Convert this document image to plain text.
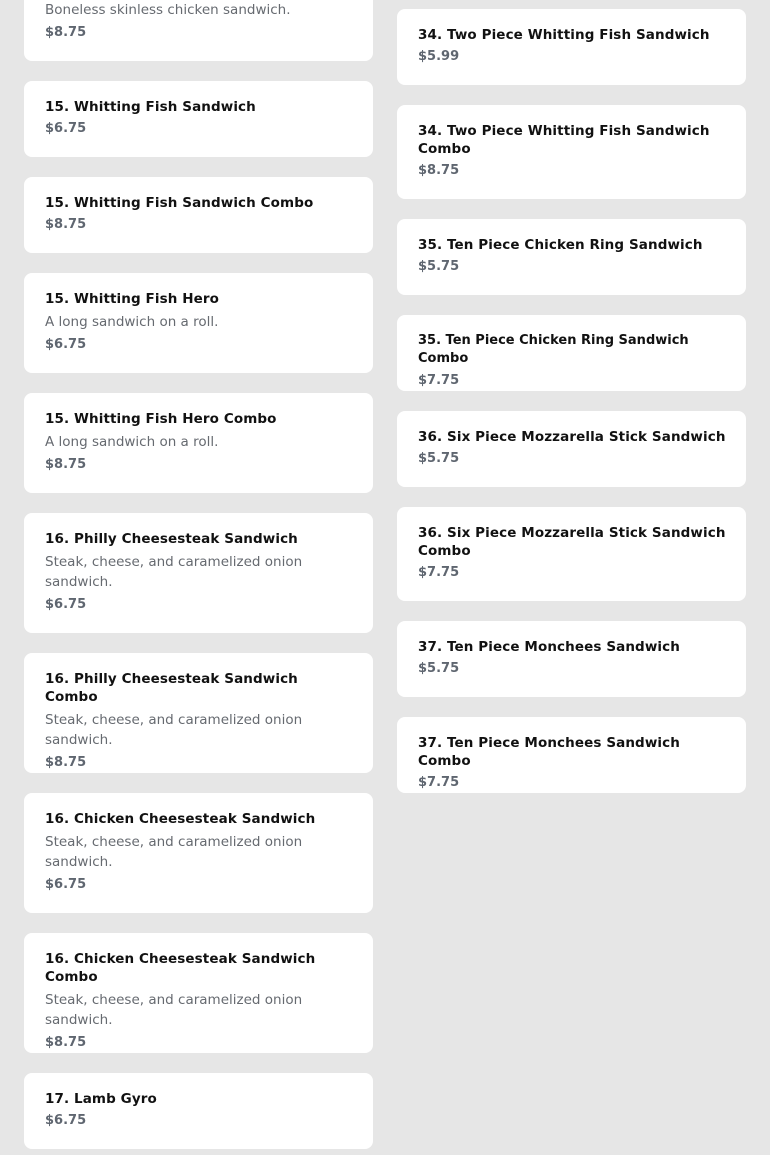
Boneless skinless chicken sandwich.
$8.75
15. Whitting Fish Sandwich
$6.75
15. Whitting Fish Sandwich Combo
$8.75
15. Whitting Fish Hero
A long sandwich on a roll.
$6.75
15. Whitting Fish Hero Combo
A long sandwich on a roll.
$8.75
16. Philly Cheesesteak Sandwich
Steak, cheese, and caramelized onion sandwich.
$6.75
16. Philly Cheesesteak Sandwich Combo
Steak, cheese, and caramelized onion sandwich.
$8.75
16. Chicken Cheesesteak Sandwich
Steak, cheese, and caramelized onion sandwich.
$6.75
16. Chicken Cheesesteak Sandwich Combo
Steak, cheese, and caramelized onion sandwich.
$8.75
17. Lamb Gyro
$6.75
34. Two Piece Whitting Fish Sandwich
$5.99
34. Two Piece Whitting Fish Sandwich Combo
$8.75
35. Ten Piece Chicken Ring Sandwich
$5.75
35. Ten Piece Chicken Ring Sandwich Combo
$7.75
36. Six Piece Mozzarella Stick Sandwich
$5.75
36. Six Piece Mozzarella Stick Sandwich Combo
$7.75
37. Ten Piece Monchees Sandwich
$5.75
37. Ten Piece Monchees Sandwich Combo
$7.75
